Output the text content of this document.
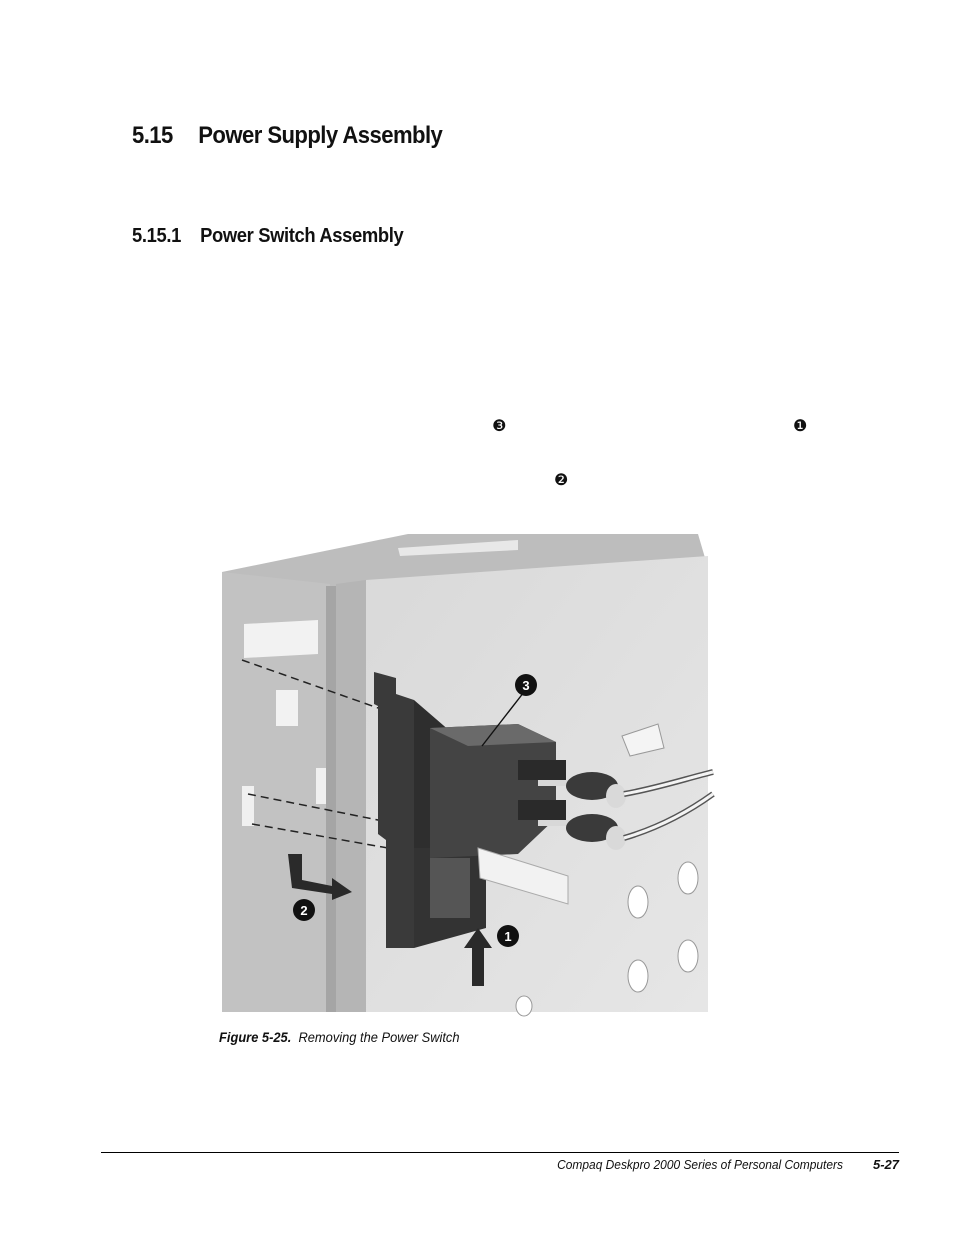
5.15 Power Supply Assembly
5.15.1 Power Switch Assembly
❸	❶
❷
3
2
1
Figure 5-25. Removing the Power Switch
Compaq Deskpro 2000 Series of Personal Computers	5-27
